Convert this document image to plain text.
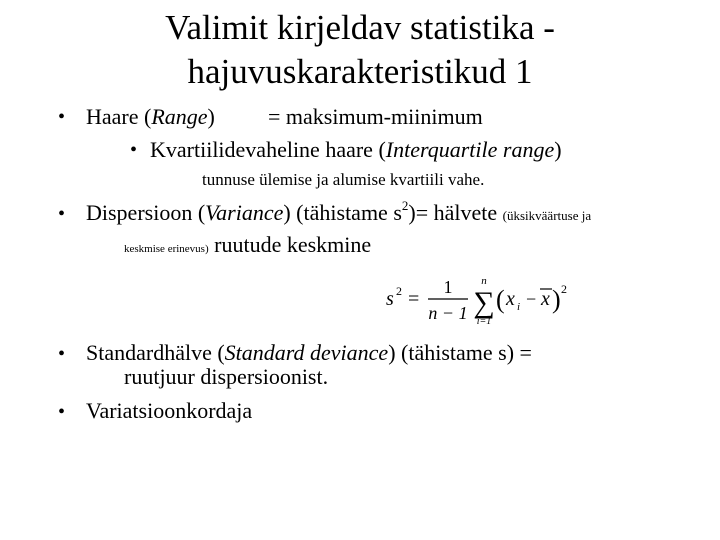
Valimit kirjeldav statistika -
hajuvuskarakteristikud 1
• Haare (Range) = maksimum-miinimum
• Kvartiilidevaheline haare (Interquartile range)
tunnuse ülemise ja alumise kvartiili vahe.
• Dispersioon (Variance) (tähistame $s^2)=$ hälvete (üksikväärtuse ja
keskmise erinevus) ruutude keskmine
s 2 =
1
n − 1
n
∑
i=1
( x i − x ) 2
• Standardhälve (Standard deviance) (tähistame s) =
ruutjuur dispersioonist.
• Variatsioonkordaja
